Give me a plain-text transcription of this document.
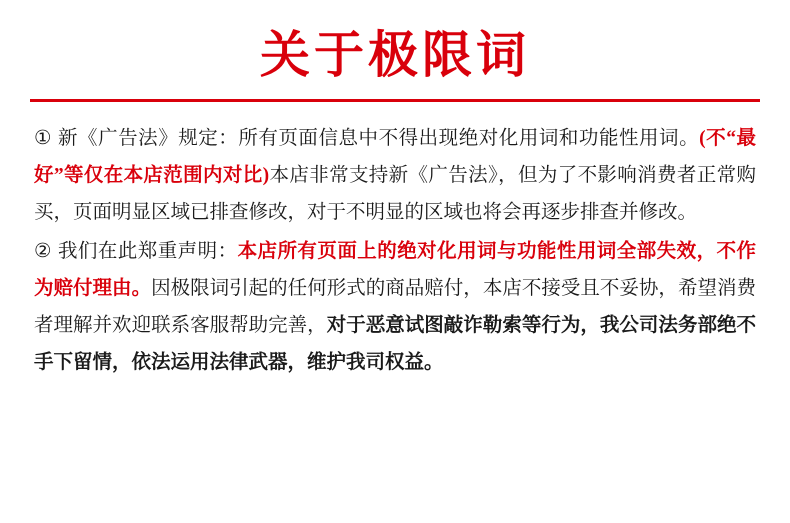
关于极限词

① 新《广告法》规定：所有页面信息中不得出现绝对化用词和功能性用词。(不“最好”等仅在本店范围内对比)本店非常支持新《广告法》，但为了不影响消费者正常购买，页面明显区域已排查修改，对于不明显的区域也将会再逐步排查并修改。

② 我们在此郑重声明：本店所有页面上的绝对化用词与功能性用词全部失效，不作为赔付理由。因极限词引起的任何形式的商品赔付，本店不接受且不妥协，希望消费者理解并欢迎联系客服帮助完善，对于恶意试图敲诈勒索等行为，我公司法务部绝不手下留情，依法运用法律武器，维护我司权益。
